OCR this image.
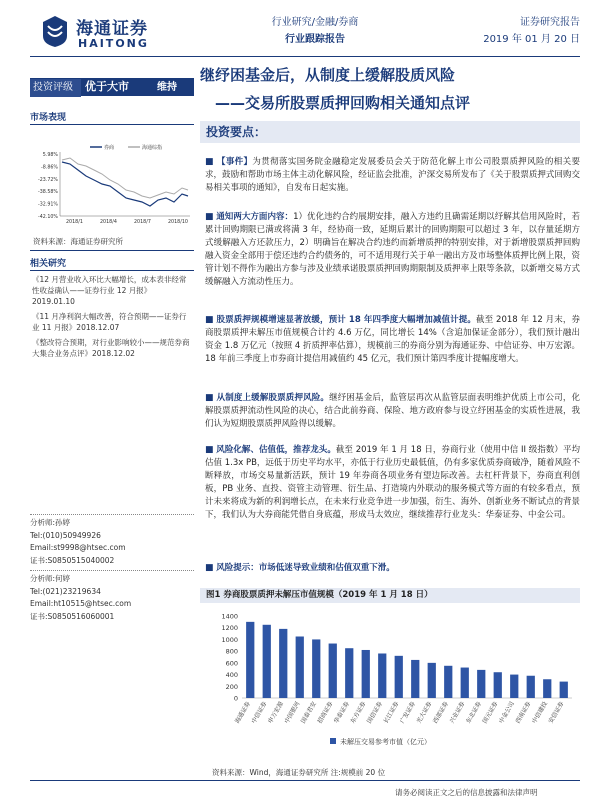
海通证券
HAITONG
行业研究/金融/券商
行业跟踪报告
证券研究报告
2019 年 01 月 20 日
投资评级 优于大市	维持
市场表现
券商	海通综指
5.98%
-8.86%
-23.72%
-38.58%
-32.91%
-42.10%
2018/1	2018/4	2018/7	2018/10
资料来源：海通证券研究所
相关研究
《12 月营业收入环比大幅增长，成本表非经常性收益确认——证券行业 12 月报》2019.01.10
《11 月净利润大幅改善，符合预期——证券行业 11 月报》2018.12.07
《整改符合预期，对行业影响较小——规范券商大集合业务点评》2018.12.02
分析师:孙婷
Tel:(010)50949926
Email:st9998@htsec.com
证书:S0850515040002
分析师:何婷
Tel:(021)23219634
Email:ht10515@htsec.com
证书:S0850516060001
继纾困基金后，从制度上缓解股质风险
——交易所股票质押回购相关通知点评
投资要点：
■ 【事件】为贯彻落实国务院金融稳定发展委员会关于防范化解上市公司股票质押风险的相关要求，鼓励和帮助市场主体主动化解风险，经证监会批准，沪深交易所发布了《关于股票质押式回购交易相关事项的通知》，自发布日起实施。
■ 通知两大方面内容：1）优化违约合约展期安排，融入方违约且确需延期以纾解其信用风险时，若累计回购期限已满或将满 3 年，经协商一致，延期后累计的回购期限可以超过 3 年，以存量延期方式缓解融入方还款压力，2）明确旨在解决合约违约而新增质押的特别安排，对于新增股票质押回购融入资金全部用于偿还违约合约债务的，可不适用现行关于单一融出方及市场整体质押比例上限，资管计划不得作为融出方参与涉及业绩承诺股票质押回购期限制及质押率上限等条款，以新增交易方式缓解融入方流动性压力。
■ 股票质押规模增速显著放缓，预计 18 年四季度大幅增加减值计提。截至 2018 年 12 月末，券商股票质押未解压市值规模合计约 4.6 万亿，同比增长 14%（含追加保证金部分），我们预计融出资金 1.8 万亿元（按照 4 折质押率估算），规模前三的券商分别为海通证券、中信证券、申万宏源。18 年前三季度上市券商计提信用减值约 45 亿元，我们预计第四季度计提幅度增大。
■ 从制度上缓解股票质押风险。继纾困基金后，监管层再次从监管层面表明维护优质上市公司，化解股票质押流动性风险的决心，结合此前券商、保险、地方政府参与设立纾困基金的实质性进展，我们认为短期股票质押风险得以缓解。
■ 风险化解、估值低，推荐龙头。截至 2019 年 1 月 18 日，券商行业（使用中信 II 级指数）平均估值 1.3x PB，远低于历史平均水平，亦低于行业历史最低值，仍有多家优质券商破净，随着风险不断释放，市场交易量新活跃，预计 19 年券商各项业务有望边际改善。去杠杆背景下，券商直利创板，PB 业务、直投、资管主动管理、衍生品、打造境内外联动的服务模式等方面的有较多看点，预计未来将成为新的利润增长点，在未来行业竞争进一步加强，衍生、海外、创新业务不断试点的背景下，我们认为大券商能凭借自身底蕴，形成马太效应，继续推荐行业龙头：华泰证券、中金公司。
■ 风险提示：市场低迷导致业绩和估值双重下滑。
图1 券商股票质押未解压市值规模（2019 年 1 月 18 日）
0
200
400
600
800
1000
1200
1400
海通证券
中信证券
申万宏源
中国银河
国泰君安
招商证券
华泰证券
东方证券
国信证券
长江证券
广发证券
光大证券
西部证券
兴业证券
东北证券
国元证券
中金公司
西南证券
中信建投
安信证券
未解压交易参考市值（亿元）
资料来源：Wind，海通证券研究所 注:规模前 20 位
请务必阅读正文之后的信息披露和法律声明
